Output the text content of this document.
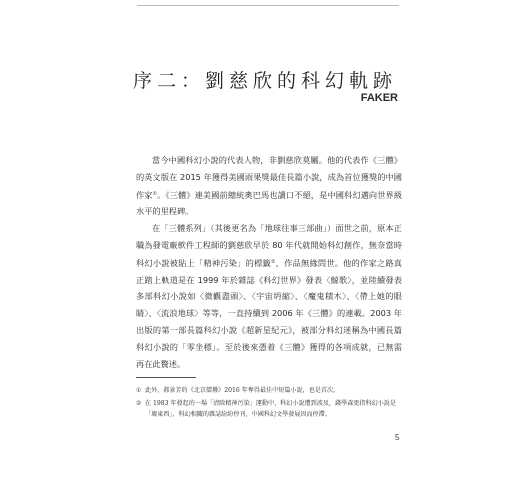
序二：劉慈欣的科幻軌跡
FAKER

當今中國科幻小說的代表人物，非劉慈欣莫屬。他的代表作《三體》的英文版在 2015 年獲得美國雨果獎最佳長篇小說，成為首位獲獎的中國作家①。《三體》連美國前總統奧巴馬也讀口不絕，是中國科幻邁向世界級水平的里程碑。

在「三體系列」（其後更名為「地球往事三部曲」）面世之前，原本正職為發電廠軟件工程師的劉慈欣早於 80 年代就開始科幻創作，無奈當時科幻小說被貼上「精神污染」的標籤②，作品無緣問世。他的作家之路真正踏上軌道是在 1999 年於雜誌《科幻世界》發表〈鯨歌〉，並陸續發表多部科幻小說如〈微觀盡頭〉、〈宇宙坍縮〉、〈魔鬼積木〉、〈帶上她的眼睛〉、〈流浪地球〉等等，一直持續到 2006 年《三體》的連載。2003 年出版的第一部長篇科幻小說《超新星紀元》，被部分科幻迷稱為中國長篇科幻小說的「零坐標」。至於後來憑着《三體》獲得的各項成就，已無需再在此贅述。

① 此外，郝景芳的《北京摺疊》2016 年奪得最佳中短篇小說，也是首次。
② 在 1983 年發起的一場「清除精神污染」運動中，科幻小說遭到波及，錢學森更指科幻小說是「壞東西」，科幻相關的雜誌紛紛停刊，中國科幻文學發展因而停滯。
5
